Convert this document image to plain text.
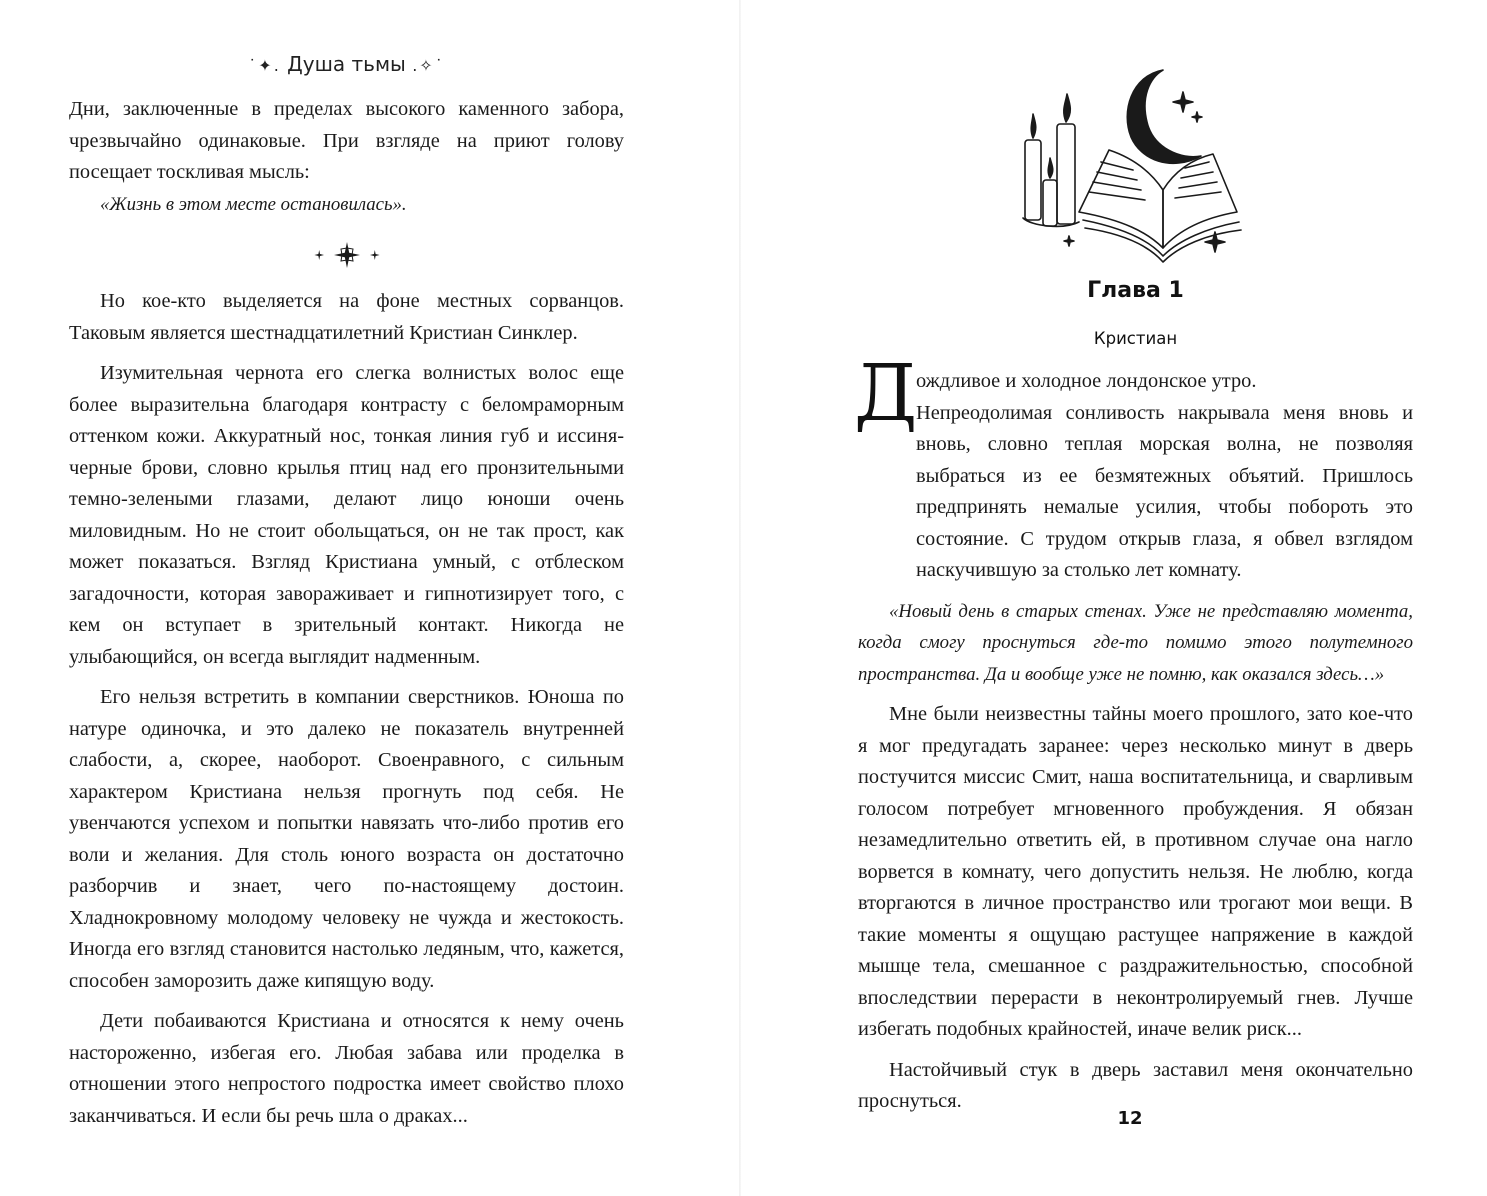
˙✦. Душа тьмы .✧˙

Дни, заключенные в пределах высокого каменного забора, чрезвычайно одинаковые. При взгляде на приют голову посещает тоскливая мысль:

«Жизнь в этом месте остановилась».

Но кое-кто выделяется на фоне местных сорванцов. Таковым является шестнадцатилетний Кристиан Синклер.

Изумительная чернота его слегка волнистых волос еще более выразительна благодаря контрасту с беломраморным оттенком кожи. Аккуратный нос, тонкая линия губ и иссиня-черные брови, словно крылья птиц над его пронзительными темно-зелеными глазами, делают лицо юноши очень миловидным. Но не стоит обольщаться, он не так прост, как может показаться. Взгляд Кристиана умный, с отблеском загадочности, которая завораживает и гипнотизирует того, с кем он вступает в зрительный контакт. Никогда не улыбающийся, он всегда выглядит надменным.

Его нельзя встретить в компании сверстников. Юноша по натуре одиночка, и это далеко не показатель внутренней слабости, а, скорее, наоборот. Своенравного, с сильным характером Кристиана нельзя прогнуть под себя. Не увенчаются успехом и попытки навязать что-либо против его воли и желания. Для столь юного возраста он достаточно разборчив и знает, чего по-настоящему достоин. Хладнокровному молодому человеку не чужда и жестокость. Иногда его взгляд становится настолько ледяным, что, кажется, способен заморозить даже кипящую воду.

Дети побаиваются Кристиана и относятся к нему очень настороженно, избегая его. Любая забава или проделка в отношении этого непростого подростка имеет свойство плохо заканчиваться. И если бы речь шла о драках...

Глава 1
Кристиан
Д

ождливое и холодное лондонское утро.

Непреодолимая сонливость накрывала меня вновь и вновь, словно теплая морская волна, не позволяя выбраться из ее безмятежных объятий. Пришлось предпринять немалые усилия, чтобы побороть это состояние. С трудом открыв глаза, я обвел взглядом наскучившую за столько лет комнату.

«Новый день в старых стенах. Уже не представляю момента, когда смогу проснуться где-то помимо этого полутемного пространства. Да и вообще уже не помню, как оказался здесь…»

Мне были неизвестны тайны моего прошлого, зато кое-что я мог предугадать заранее: через несколько минут в дверь постучится миссис Смит, наша воспитательница, и сварливым голосом потребует мгновенного пробуждения. Я обязан незамедлительно ответить ей, в противном случае она нагло ворвется в комнату, чего допустить нельзя. Не люблю, когда вторгаются в личное пространство или трогают мои вещи. В такие моменты я ощущаю растущее напряжение в каждой мышце тела, смешанное с раздражительностью, способной впоследствии перерасти в неконтролируемый гнев. Лучше избегать подобных крайностей, иначе велик риск...

Настойчивый стук в дверь заставил меня окончательно проснуться.

12
